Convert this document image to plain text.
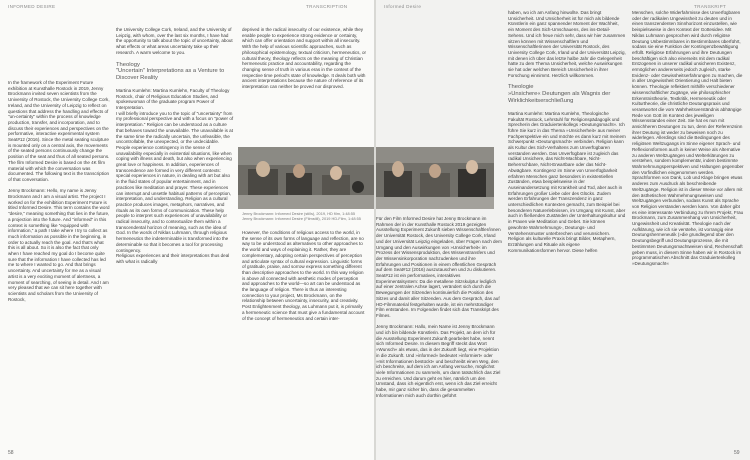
INFORMED DESIRE	TRANSCRIPTION

In the framework of the Experiment Future exhibition at Kunsthalle Rostock in 2019, Jenny Brockmann invited seven scientists from the University of Rostock, the University College Cork, Ireland, and the University of Leipzig to reflect on questions that address the handling and effects of "un-certainty" within the process of knowledge production, transfer, and incorporation, and to discuss their experiences and perspectives on the performative, interactive experimental system Seat#12 (2016). Since the metal seating sculpture is mounted only on a central axis, the movements of the seated persons continuously change the position of the seat and thus of all seated persons. The film Informed Desire is based on the 4K film material with which the conversation was documented. The following text is the transcription of that conversation.

Jenny Brockmann: Hello, my name is Jenny Brockmann and I am a visual artist. The project I worked on for the exhibition Experiment Future is titled Informed Desire. This term contains the word "desire," meaning something that lies in the future, a projection into the future. And "informed" in this context is something like "equipped with information," a path I take where I try to collect as much information as possible in the beginning, in order to actually reach the goal. And that's what this is all about. So it is also the fact that only when I have reached my goal do I become quite sure that the information I have collected has led me to where I wanted to go. And that brings uncertainty. And uncertainty for me as a visual artist is a very exciting moment of alertness, a moment of searching, of seeing in detail. And I am very pleased that we can sit here together with scientists and scholars from the University of Rostock,

the University College Cork, Ireland, and the University of Leipzig, with whom, over the last six months, I have had the opportunity to talk about the topic of uncertainty, about what effects or what areas uncertainty take up their research. A warm welcome to you.

Theology
"Uncertain" Interpretations as a Venture to Discover Reality

Martina Kumlehn: Martina Kumlehn, Faculty of Theology Rostock, chair of Religious Education Studies, and spokeswoman of the graduate program Power of Interpretation.

I will briefly introduce you to the topic of "uncertainty" from my professional perspective and with a focus on "power of interpretation." Religion can be understood as a culture that behaves toward the unavailable. The unavailable is at the same time the radically uncertain, the unfeasible, the uncontrollable, the unexpected, or the undecidable. People experience contingency in the sense of unavailability especially in existential situations, like when coping with illness and death, but also when experiencing great love or happiness. In addition, experiences of transcendence are formed in very different contexts: special experiences in nature, in dealing with art but also in the fluid states of popular entertainment, and in practices like meditation and prayer. These experiences can interrupt and unsettle habitual patterns of perception, interpretation, and understanding. Religion as a cultural practice produces images, metaphors, narratives, and rituals as its own forms of communication. These help people to interpret such experiences of unavailability or radical insecurity, and to contextualize them within a transcendental horizon of meaning, such as the idea of God. In the words of Niklas Luhmann, through religious hermeneutics the indeterminable is transformed into the determinable so that it becomes a tool for processing contingency.

Religious experiences and their interpretations thus deal with what is radically

deprived in the radical insecurity of our existence, while they enable people to experience strong evidence or certainty, which can offer orientation and support within all insecurity. With the help of various scientific approaches, such as philosophical epistemology, textual criticism, hermeneutics, or cultural theory, theology reflects on the meaning of Christian hermeneutic practice and accountability, regarding the changing sense of truth in various eras in the context of the respective time period's state of knowledge. It deals both with ancient interpretations because the nature of reference of its interpretation can neither be proved nor disproved.

However, the conditions of religious access to the world, in the sense of its own forms of language and reflection, are no way to be understood as alternatives to other approaches to the world and ways of explaining it. Rather, they are complementary, adopting certain perspectives of perception and articulate syntax of cultural expression. Linguistic forms of gratitude, praise, and sorrow express something different than descriptive approaches to the world. In this way religion is above all connected with aesthetic modes of perception and approaches to the world—so art can be understood as the language of religion. There is thus an interesting connection to your project, Ms Brockmann, on the relationship between uncertainty, insecurity, and creativity. Post Enlightenment theology, as Luhmann put it, is primarily a hermeneutic science that must give a fundamental account of the concept of hermeneutics and certain inter-

58
Jenny Brockmann: Informed Desire (stills), 2019, HD film, 1:48:55
Jenny Brockmann: Informed Desire (Filmstill), 2019 HD-Film, 1:48:55
Informed Desire	TRANSKRIPT

Für den Film Informed Desire hat Jenny Brockmann im Rahmen der in der Kunsthalle Rostock 2019 gezeigten Ausstellung Experiment Zukunft sieben Wissenschaftler/innen der Universität Rostock, des University College Cork, Irland und der Universität Leipzig eingeladen, über Fragen nach dem Umgang und den Auswirkungen von »Unsicherheit« im Prozess der Wissensproduktion, des Wissenstransfers und der Wissensinkorporation nachzudenken und ihre Erfahrungen und Positionen in einem öffentlichen Gespräch auf dem Seat#12 (2016) auszutauschen und zu diskutieren. Seat#12 ist ein performatives, interaktives Experimentalsystem: Da die metallene Sitzskulptur lediglich auf einer zentralen Achse lagert, verändert sich durch die Bewegungen der Sitzenden kontinuierlich die Position des Sitzes und damit aller Sitzenden. Aus dem Gespräch, das auf HD-Filmmaterial festgehalten wurde, ist ein mehrstündiger Film entstanden. Im Folgenden findet sich das Transkript des Filmes.

Jenny Brockmann: Hallo, mein Name ist Jenny Brockmann und ich bin bildende Künstlerin. Das Projekt, an dem ich für die Ausstellung Experiment Zukunft gearbeitet habe, nennt sich Informed Desire. In diesem Begriff steckt das Wort »Wunsch« als etwas, das in der Zukunft liegt, eine Projektion in die Zukunft. Und »informed« bedeutet »informiert« oder »mit Informationen bestückt« und beschreibt einen Weg, den ich beschreite, auf dem ich am Anfang versuche, möglichst viele Informationen zu sammeln, um dann tatsächlich das Ziel zu erreichen. Und darum geht es hier, nämlich um den Umstand, dass ich eigentlich erst, wenn ich das Ziel erreicht habe, mir ganz sicher bin, dass die gesammelten Informationen mich auch dorthin geführt

haben, wo ich am Anfang hinwollte. Das bringt Unsicherheit. Und Unsicherheit ist für mich als bildende Künstlerin ein ganz spannender Moment der Wachheit, ein Moment des Sich-Umschauens, des ins-Detail-Sehens. Und ich freue mich sehr, dass wir hier zusammen sitzen können mit Wissenschaftlern und Wissenschaftlerinnen der Universität Rostock, des University College Cork, Irland und der Universität Leipzig, mit denen ich über das letzte halbe Jahr die Gelegenheit hatte zu dem Thema Unsicherheit, welche Auswirkungen sie hat oder welchen Bereich Unsicherheit in ihrer Forschung einnimmt. Herzlich willkommen.

Theologie
»Unsichere« Deutungen als Wagnis der Wirklichkeitserschließung

Martina Kumlehn: Martina Kumlehn, Theologische Fakultät Rostock, Lehrstuhl für Religionspädagogik und Sprecherin des Graduiertenkollegs »Deutungsmacht«. Ich führe Sie kurz in das Thema »Unsicherheit« aus meiner Fachperspektive ein und möchte es dann kurz mit meinem Schwerpunkt »Deutungsmacht« verbinden. Religion kann als Kultur des Sich-Verhaltens zum Unverfügbaren verstanden werden. Das Unverfügbare ist zugleich das radikal Unsichere, das Nicht-Machbare, Nicht-Beherrschbare, Nicht-Erwartbare oder das Nicht-Abwägbare. Kontingenz im Sinne von Unverfügbarkeit erfahren Menschen ganz besonders in existentiellen Zuständen, etwa beispielsweise in der Auseinandersetzung mit Krankheit und Tod, aber auch in Erfahrungen großer Liebe oder des Glücks. Zudem werden Erfahrungen der Transzendenz in ganz unterschiedlichen Kontexten gemacht, zum Beispiel bei besonderen Naturerlebnissen, im Umgang mit Kunst, aber auch in fließenden Zuständen der Unterhaltungskultur und in Praxen wie Meditation und Gebet. Sie können gewohnte Wahrnehmungs-, Deutungs- und Verstehensmuster unterbrechen und verunsichern. Religion als kulturelle Praxis bringt Bilder, Metaphern, Erzählungen und Rituale als eigene Kommunikationsformen hervor. Diese helfen

Menschen, solche Widerfahrnisse des Unverfügbaren oder der radikalen Ungewissheit zu deuten und in einen transzendenten Sinnhorizont einzustellen, wie beispielsweise in den Kontext der Gottesidee. Mit Niklas Luhmann gesprochen wird durch religiöse Deutung Unbestimmbares in Bestimmbares überführt, sodass sie eine Funktion der Kontingenzbewältigung erfüllt. Religiöse Erfahrungen und ihre Deutungen beschäftigen sich also einerseits mit dem radikal Entzogenen in unserer radikal unsicheren Existenz, ermöglichen andererseits jedoch zugleich, starke Evidenz- oder Gewissheitserfahrungen zu machen, die in aller Ungewissheit Orientierung und Halt bieten können. Theologie reflektiert mithilfe verschiedener wissenschaftlicher Zugänge, wie philosophischer Erkenntnistheorie, Textkritik, Hermeneutik oder Kulturtheorie, die christliche Deutungspraxis und verantwortet die vom Wahrheitsverständnis abhängige Rede von Gott im Kontext des jeweiligen Wissensstandes einer Zeit. Sie hat es nun mit ansichheren Deutungen zu tun, denn der Referenzsinn ihrer Deutung ist weder zu beweisen noch zu widerlegen. Allerdings sind die Bedingungen des religiösen Weltzugangs im Sinne eigener Sprach- und Reflexionsformen auch in keiner Weise als Alternative zu anderen Weltzugängen und Welterklärungen zu verstehen, sondern komplementär, indem bestimmte Wahrnehmungsperspektiven und Haltungen gegenüber den Vorfindlichen eingenommen werden. Sprachformen von Dank, Lob und Klage bringen etwas anderes zum Ausdruck als beschreibende Weltzugänge. Religion ist in dieser Weise vor allem mit den ästhetischen Wahrnehmungsweisen und Weltzugängen verbunden, sodass Kunst als Sprache von Religion verstanden werden kann. Von daher gibt es eine interessante Verbindung zu Ihrem Projekt, Frau Brockmann, zum Zusammenhang von Unsicherheit, Ungewissheit und Kreativität. Theologie nach der Aufklärung, wie ich sie verstehe, ist vorrangig eine Deutungshermeneutik (»die grundlegend über den Deutungsbegriff und Deutungsprozesse, die mit bestimmten Deutungsmachtweisen sind, Rechenschaft geben muss, in diesem Sinne haben wir in Rostock im programmatischen Abschnitt das Graduiertenkolleg »Deutungsmacht«

59
